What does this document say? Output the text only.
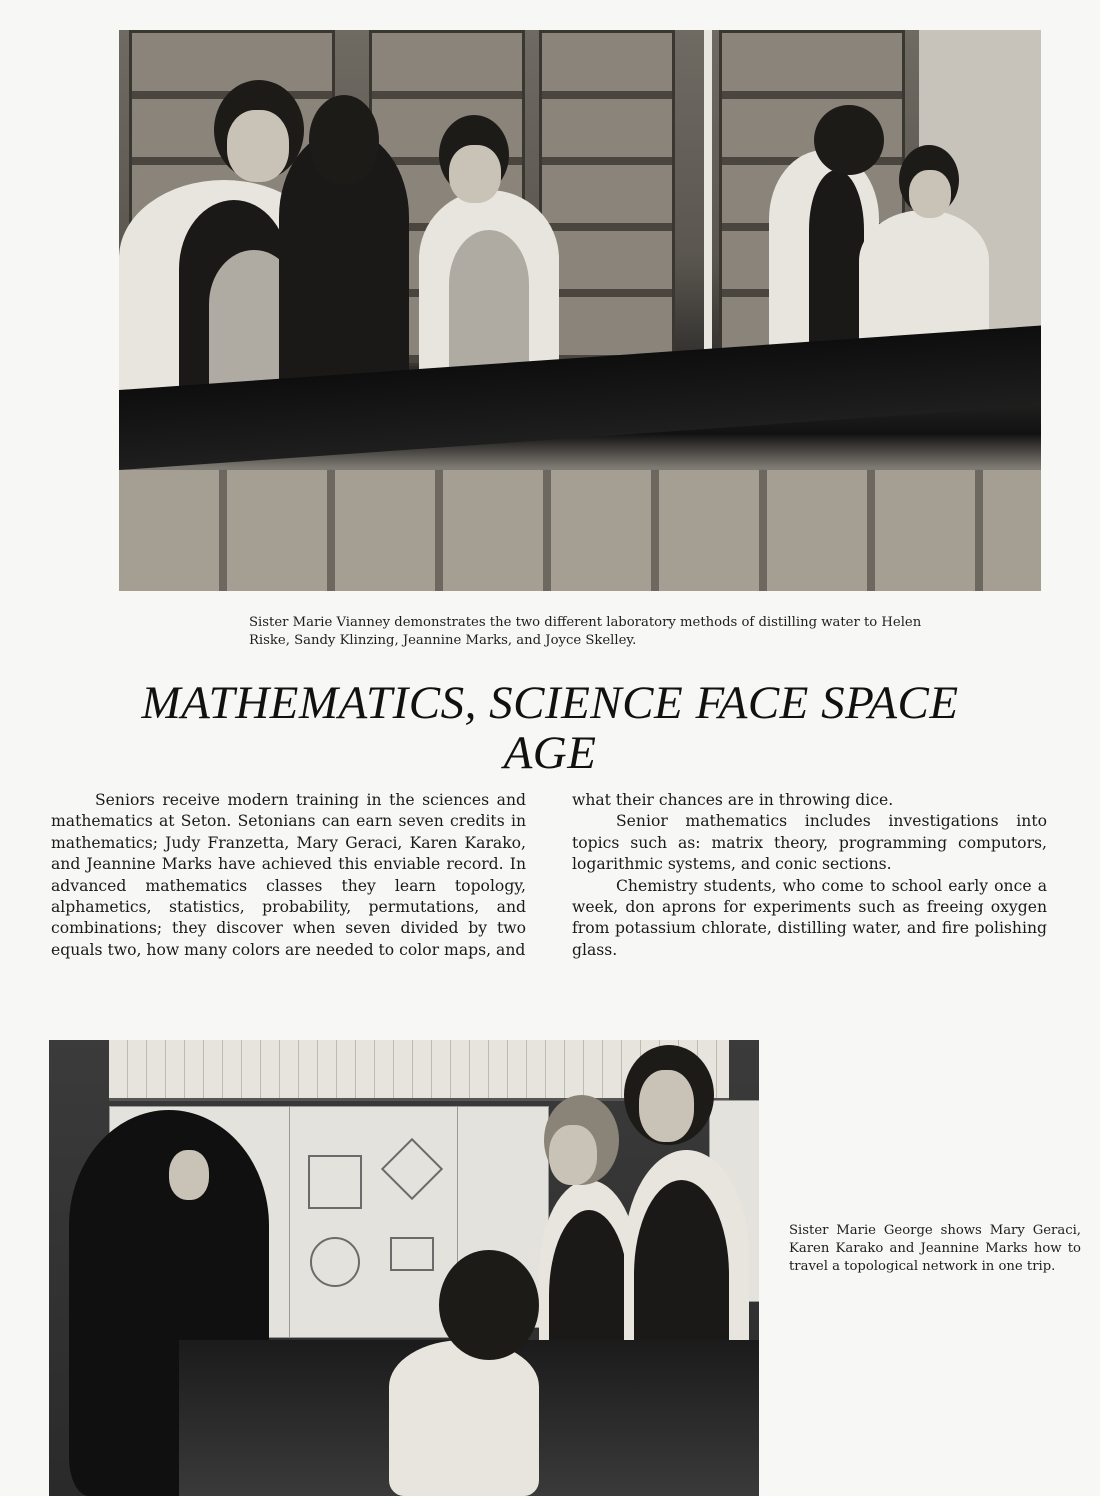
Sister Marie Vianney demonstrates the two different laboratory methods of distilling water to Helen Riske, Sandy Klinzing, Jeannine Marks, and Joyce Skelley.

MATHEMATICS, SCIENCE FACE SPACE AGE

Seniors receive modern training in the sciences and mathematics at Seton. Setonians can earn seven credits in mathematics; Judy Franzetta, Mary Geraci, Karen Karako, and Jeannine Marks have achieved this enviable record. In advanced mathematics classes they learn topology, alphametics, statistics, probability, permutations, and combinations; they discover when seven divided by two equals two, how many colors are needed to color maps, and

what their chances are in throwing dice.

Senior mathematics includes investigations into topics such as: matrix theory, programming computors, logarithmic systems, and conic sections.

Chemistry students, who come to school early once a week, don aprons for experiments such as freeing oxygen from potassium chlorate, distilling water, and fire polishing glass.

Sister Marie George shows Mary Geraci, Karen Karako and Jeannine Marks how to travel a topological network in one trip.
